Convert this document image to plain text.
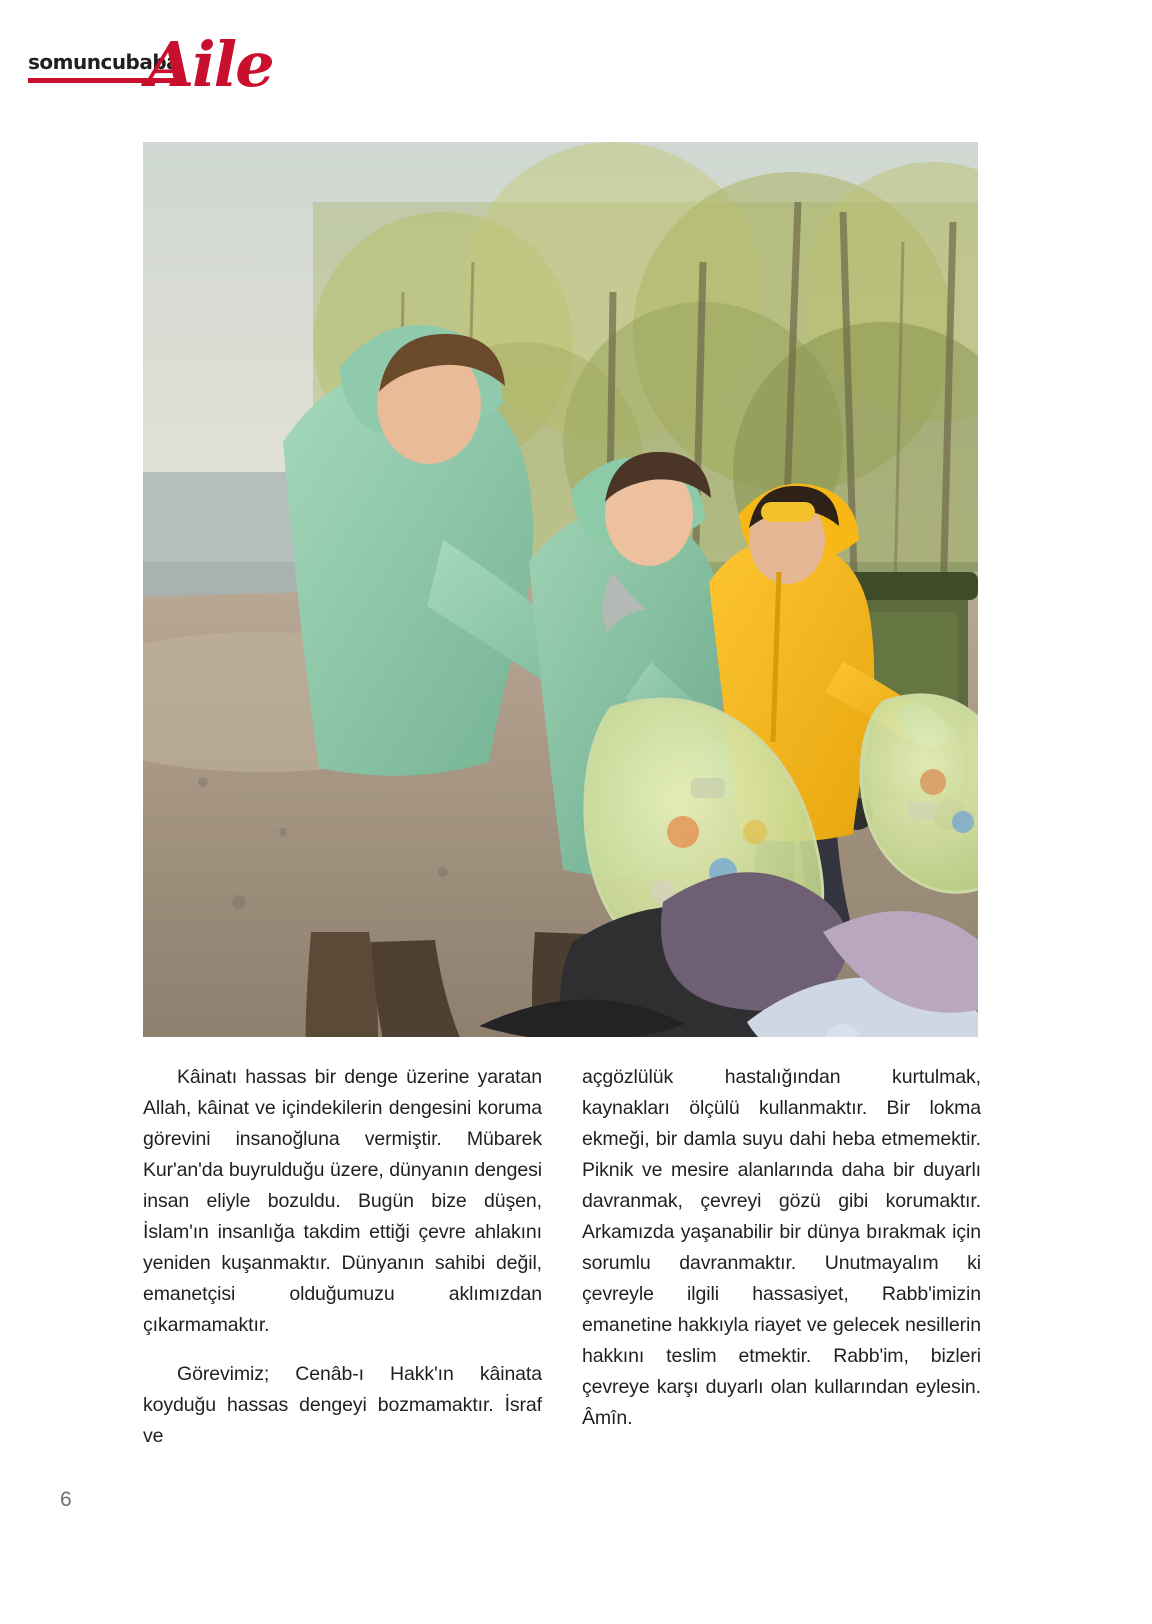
somuncubaba
Aile

Kâinatı hassas bir denge üzerine yaratan Allah, kâinat ve içindekilerin dengesini koruma görevini insanoğluna vermiştir. Mübarek Kur'an'da buyrulduğu üzere, dünyanın dengesi insan eliyle bozuldu. Bugün bize düşen, İslam'ın insanlığa takdim ettiği çevre ahlakını yeniden kuşanmaktır. Dünyanın sahibi değil, emanetçisi olduğumuzu aklımızdan çıkarmamaktır.

Görevimiz; Cenâb-ı Hakk'ın kâinata koyduğu hassas dengeyi bozmamaktır. İsraf ve

açgözlülük hastalığından kurtulmak, kaynakları ölçülü kullanmaktır. Bir lokma ekmeği, bir damla suyu dahi heba etmemektir. Piknik ve mesire alanlarında daha bir duyarlı davranmak, çevreyi gözü gibi korumaktır. Arkamızda yaşanabilir bir dünya bırakmak için sorumlu davranmaktır. Unutmayalım ki çevreyle ilgili hassasiyet, Rabb'imizin emanetine hakkıyla riayet ve gelecek nesillerin hakkını teslim etmektir. Rabb'im, bizleri çevreye karşı duyarlı olan kullarından eylesin. Âmîn.

6
